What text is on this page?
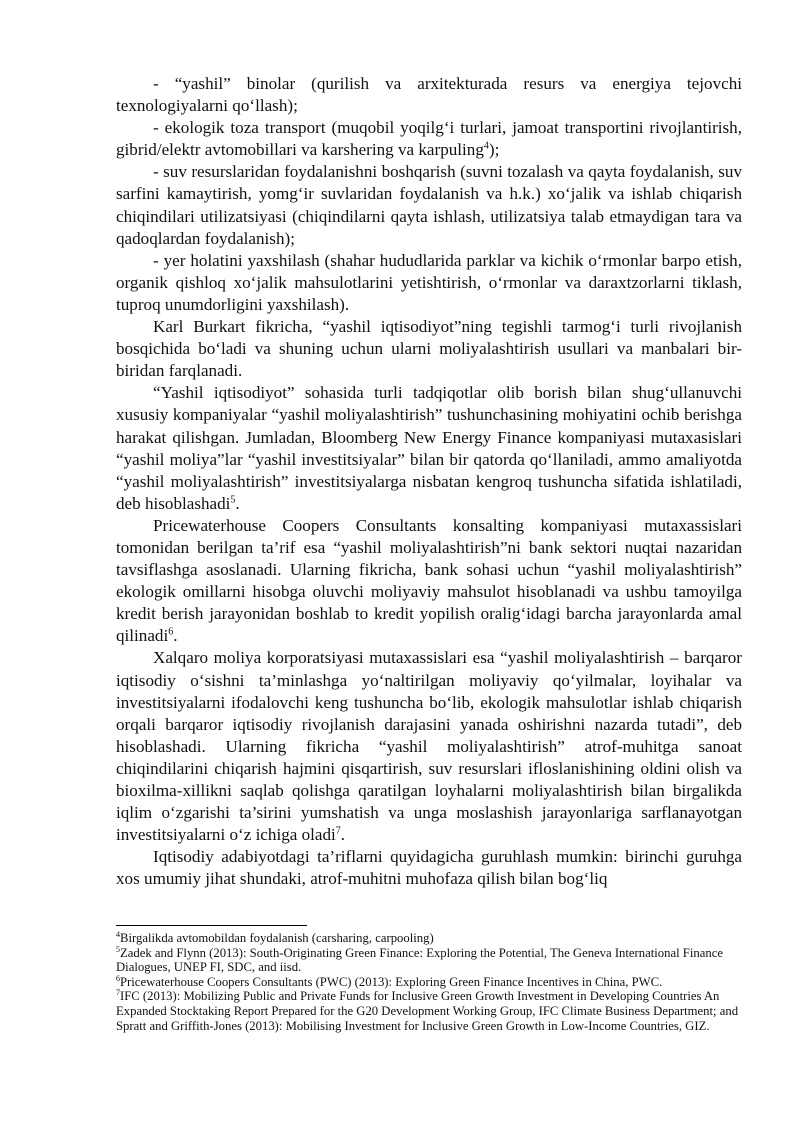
- “yashil” binolar (qurilish va arxitekturada resurs va energiya tejovchi texnologiyalarni qo‘llash);

- ekologik toza transport (muqobil yoqilg‘i turlari, jamoat transportini rivojlantirish, gibrid/elektr avtomobillari va karshering va karpuling$^4$);

- suv resurslaridan foydalanishni boshqarish (suvni tozalash va qayta foydalanish, suv sarfini kamaytirish, yomg‘ir suvlaridan foydalanish va h.k.) xo‘jalik va ishlab chiqarish chiqindilari utilizatsiyasi (chiqindilarni qayta ishlash, utilizatsiya talab etmaydigan tara va qadoqlardan foydalanish);

- yer holatini yaxshilash (shahar hududlarida parklar va kichik o‘rmonlar barpo etish, organik qishloq xo‘jalik mahsulotlarini yetishtirish, o‘rmonlar va daraxtzorlarni tiklash, tuproq unumdorligini yaxshilash).

Karl Burkart fikricha, “yashil iqtisodiyot”ning tegishli tarmog‘i turli rivojlanish bosqichida bo‘ladi va shuning uchun ularni moliyalashtirish usullari va manbalari bir-biridan farqlanadi.

“Yashil iqtisodiyot” sohasida turli tadqiqotlar olib borish bilan shug‘ullanuvchi xususiy kompaniyalar “yashil moliyalashtirish” tushunchasining mohiyatini ochib berishga harakat qilishgan. Jumladan, Bloomberg New Energy Finance kompaniyasi mutaxasislari “yashil moliya”lar “yashil investitsiyalar” bilan bir qatorda qo‘llaniladi, ammo amaliyotda “yashil moliyalashtirish” investitsiyalarga nisbatan kengroq tushuncha sifatida ishlatiladi, deb hisoblashadi$^5$.

Pricewaterhouse Coopers Consultants konsalting kompaniyasi mutaxassislari tomonidan berilgan ta’rif esa “yashil moliyalashtirish”ni bank sektori nuqtai nazaridan tavsiflashga asoslanadi. Ularning fikricha, bank sohasi uchun “yashil moliyalashtirish” ekologik omillarni hisobga oluvchi moliyaviy mahsulot hisoblanadi va ushbu tamoyilga kredit berish jarayonidan boshlab to kredit yopilish oralig‘idagi barcha jarayonlarda amal qilinadi$^6$.

Xalqaro moliya korporatsiyasi mutaxassislari esa “yashil moliyalashtirish – barqaror iqtisodiy o‘sishni ta’minlashga yo‘naltirilgan moliyaviy qo‘yilmalar, loyihalar va investitsiyalarni ifodalovchi keng tushuncha bo‘lib, ekologik mahsulotlar ishlab chiqarish orqali barqaror iqtisodiy rivojlanish darajasini yanada oshirishni nazarda tutadi”, deb hisoblashadi. Ularning fikricha “yashil moliyalashtirish” atrof-muhitga sanoat chiqindilarini chiqarish hajmini qisqartirish, suv resurslari ifloslanishining oldini olish va bioxilma-xillikni saqlab qolishga qaratilgan loyhalarni moliyalashtirish bilan birgalikda iqlim o‘zgarishi ta’sirini yumshatish va unga moslashish jarayonlariga sarflanayotgan investitsiyalarni o‘z ichiga oladi$^7$.

Iqtisodiy adabiyotdagi ta’riflarni quyidagicha guruhlash mumkin: birinchi guruhga xos umumiy jihat shundaki, atrof-muhitni muhofaza qilish bilan bog‘liq

$^4$Birgalikda avtomobildan foydalanish (carsharing, carpooling)

$^5$Zadek and Flynn (2013): South-Originating Green Finance: Exploring the Potential, The Geneva International Finance Dialogues, UNEP FI, SDC, and iisd.

$^6$Pricewaterhouse Coopers Consultants (PWC) (2013): Exploring Green Finance Incentives in China, PWC.

$^7$IFC (2013): Mobilizing Public and Private Funds for Inclusive Green Growth Investment in Developing Countries An Expanded Stocktaking Report Prepared for the G20 Development Working Group, IFC Climate Business Department; and Spratt and Griffith-Jones (2013): Mobilising Investment for Inclusive Green Growth in Low-Income Countries, GIZ.
